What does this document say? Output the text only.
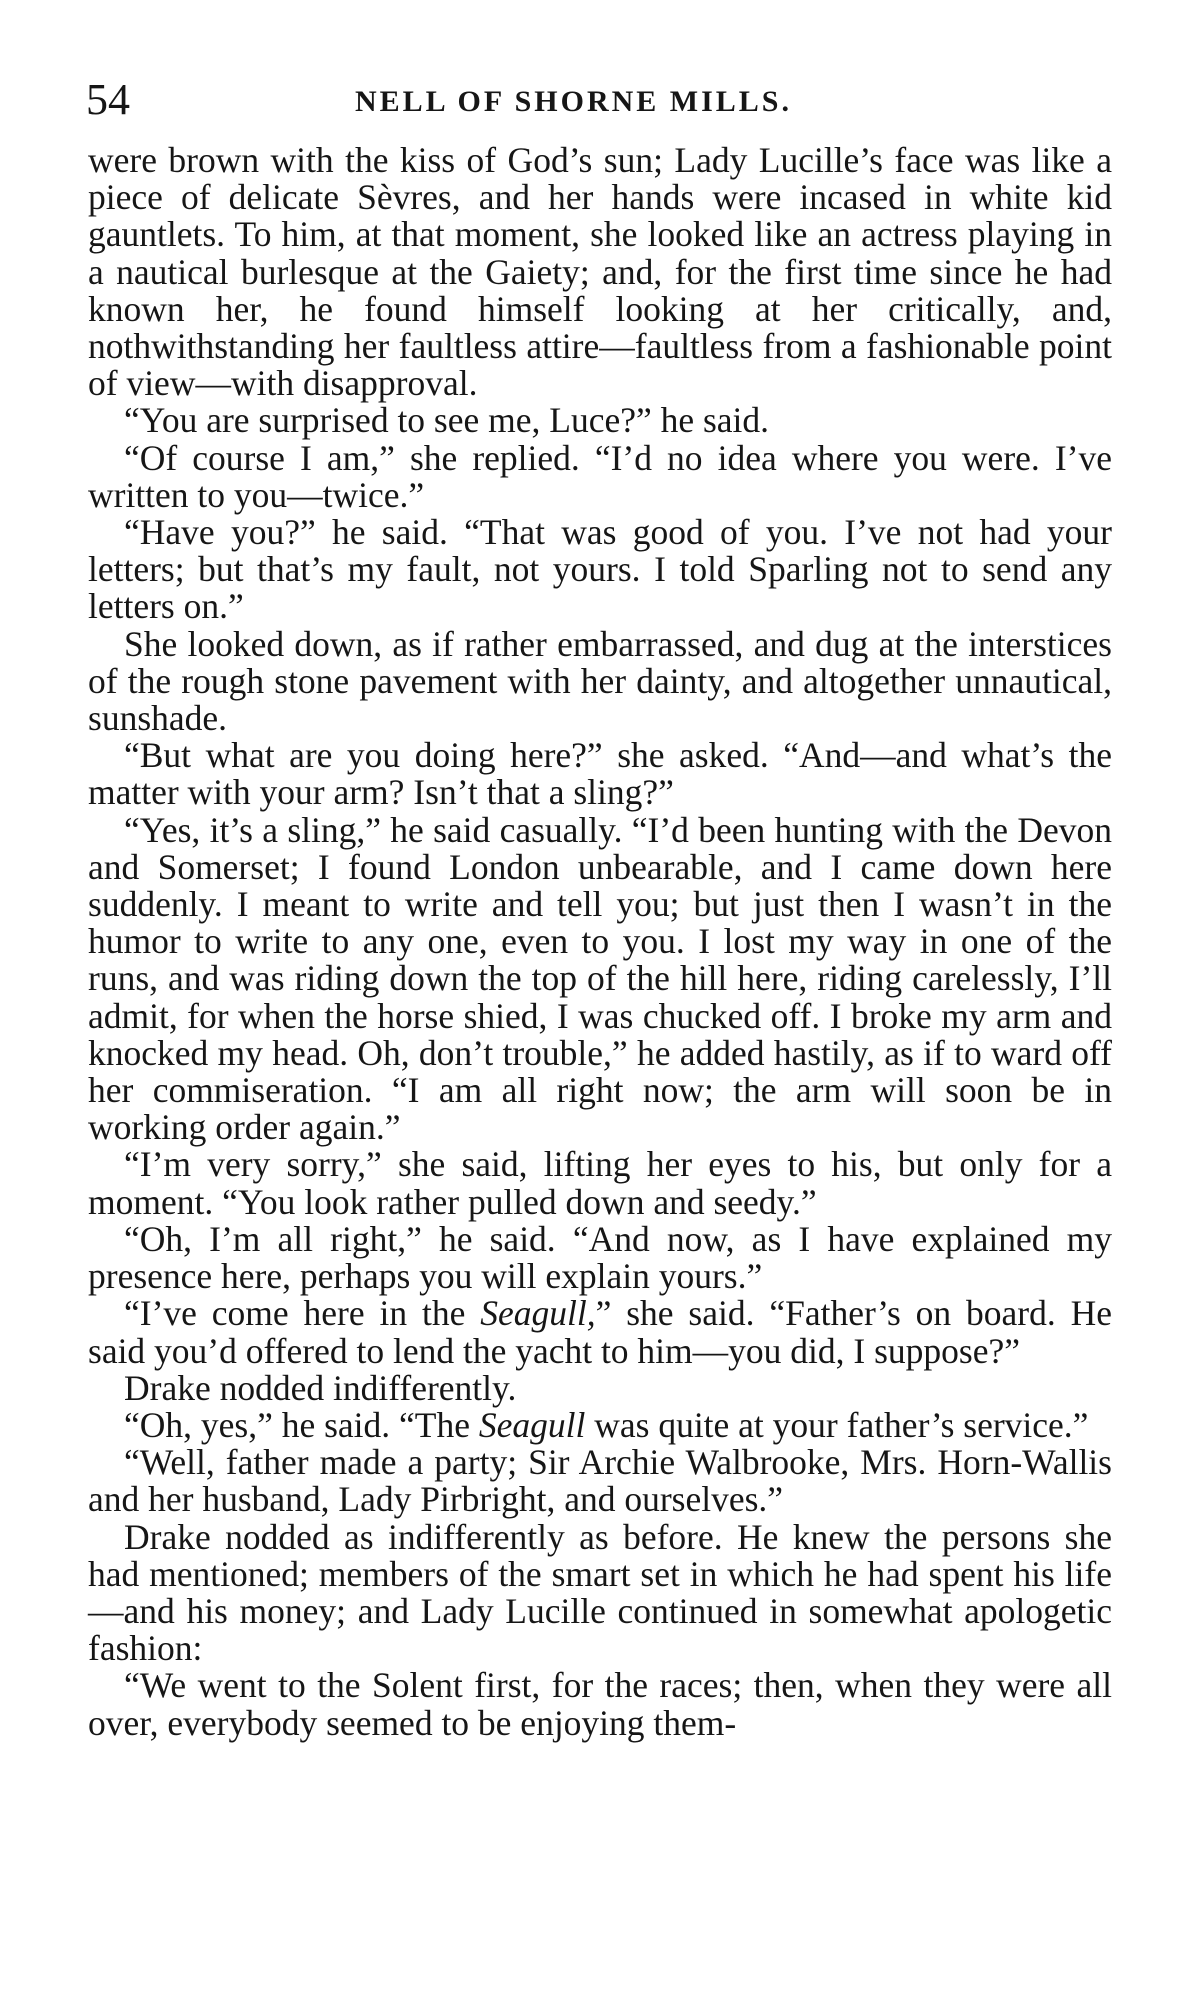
54	NELL OF SHORNE MILLS.

were brown with the kiss of God’s sun; Lady Lucille’s face was like a piece of delicate Sèvres, and her hands were incased in white kid gauntlets. To him, at that moment, she looked like an actress playing in a nautical burlesque at the Gaiety; and, for the first time since he had known her, he found himself looking at her critically, and, nothwithstanding her faultless attire—faultless from a fashionable point of view—with disapproval.

“You are surprised to see me, Luce?” he said.

“Of course I am,” she replied. “I’d no idea where you were. I’ve written to you—twice.”

“Have you?” he said. “That was good of you. I’ve not had your letters; but that’s my fault, not yours. I told Sparling not to send any letters on.”

She looked down, as if rather embarrassed, and dug at the interstices of the rough stone pavement with her dainty, and altogether unnautical, sunshade.

“But what are you doing here?” she asked. “And—and what’s the matter with your arm? Isn’t that a sling?”

“Yes, it’s a sling,” he said casually. “I’d been hunting with the Devon and Somerset; I found London unbearable, and I came down here suddenly. I meant to write and tell you; but just then I wasn’t in the humor to write to any one, even to you. I lost my way in one of the runs, and was riding down the top of the hill here, riding carelessly, I’ll admit, for when the horse shied, I was chucked off. I broke my arm and knocked my head. Oh, don’t trouble,” he added hastily, as if to ward off her commiseration. “I am all right now; the arm will soon be in working order again.”

“I’m very sorry,” she said, lifting her eyes to his, but only for a moment. “You look rather pulled down and seedy.”

“Oh, I’m all right,” he said. “And now, as I have explained my presence here, perhaps you will explain yours.”

“I’ve come here in the Seagull,” she said. “Father’s on board. He said you’d offered to lend the yacht to him—you did, I suppose?”

Drake nodded indifferently.

“Oh, yes,” he said. “The Seagull was quite at your father’s service.”

“Well, father made a party; Sir Archie Walbrooke, Mrs. Horn-Wallis and her husband, Lady Pirbright, and ourselves.”

Drake nodded as indifferently as before. He knew the persons she had mentioned; members of the smart set in which he had spent his life—and his money; and Lady Lucille continued in somewhat apologetic fashion:

“We went to the Solent first, for the races; then, when they were all over, everybody seemed to be enjoying them-
